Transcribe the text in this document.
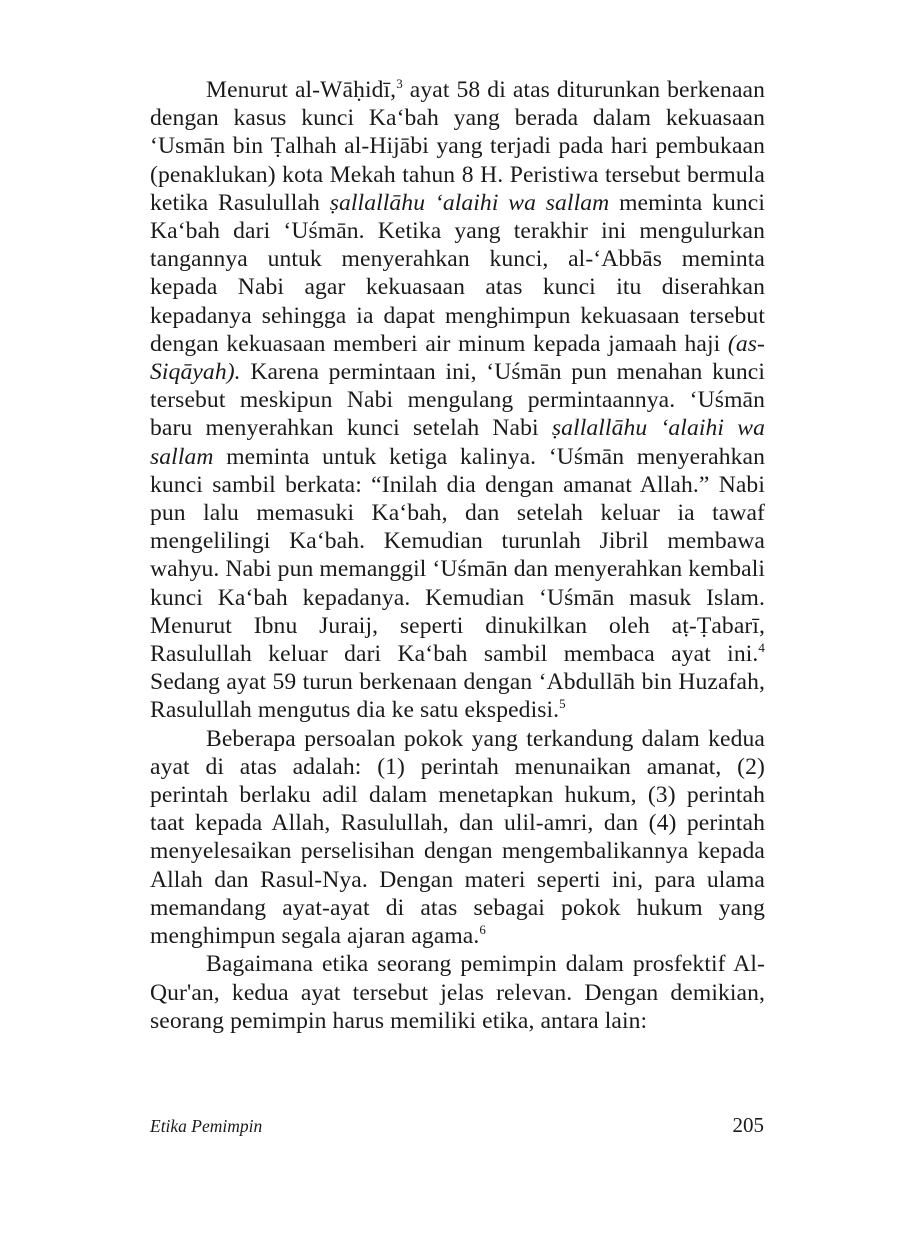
Menurut al-Wāḥidī,$^3$ ayat 58 di atas diturunkan berkenaan dengan kasus kunci Ka‘bah yang berada dalam kekuasaan ‘Usmān bin Ṭalhah al-Hijābi yang terjadi pada hari pembukaan (penaklukan) kota Mekah tahun 8 H. Peristiwa tersebut bermula ketika Rasulullah ṣallallāhu ‘alaihi wa sallam meminta kunci Ka‘bah dari ‘Uśmān. Ketika yang terakhir ini mengulurkan tangannya untuk menyerahkan kunci, al-‘Abbās meminta kepada Nabi agar kekuasaan atas kunci itu diserahkan kepadanya sehingga ia dapat menghimpun kekuasaan tersebut dengan kekuasaan memberi air minum kepada jamaah haji (as-Siqāyah). Karena permintaan ini, ‘Uśmān pun menahan kunci tersebut meskipun Nabi mengulang permintaannya. ‘Uśmān baru menyerahkan kunci setelah Nabi ṣallallāhu ‘alaihi wa sallam meminta untuk ketiga kalinya. ‘Uśmān menyerahkan kunci sambil berkata: “Inilah dia dengan amanat Allah.” Nabi pun lalu memasuki Ka‘bah, dan setelah keluar ia tawaf mengelilingi Ka‘bah. Kemudian turunlah Jibril membawa wahyu. Nabi pun memanggil ‘Uśmān dan menyerahkan kembali kunci Ka‘bah kepadanya. Kemudian ‘Uśmān masuk Islam. Menurut Ibnu Juraij, seperti dinukilkan oleh aṭ-Ṭabarī, Rasulullah keluar dari Ka‘bah sambil membaca ayat ini.$^4$ Sedang ayat 59 turun berkenaan dengan ‘Abdullāh bin Huzafah, Rasulullah mengutus dia ke satu ekspedisi.$^5$

Beberapa persoalan pokok yang terkandung dalam kedua ayat di atas adalah: (1) perintah menunaikan amanat, (2) perintah berlaku adil dalam menetapkan hukum, (3) perintah taat kepada Allah, Rasulullah, dan ulil-amri, dan (4) perintah menyelesaikan perselisihan dengan mengembalikannya kepada Allah dan Rasul-Nya. Dengan materi seperti ini, para ulama memandang ayat-ayat di atas sebagai pokok hukum yang menghimpun segala ajaran agama.$^6$

Bagaimana etika seorang pemimpin dalam prosfektif Al-Qur'an, kedua ayat tersebut jelas relevan. Dengan demikian, seorang pemimpin harus memiliki etika, antara lain:

Etika Pemimpin	205
